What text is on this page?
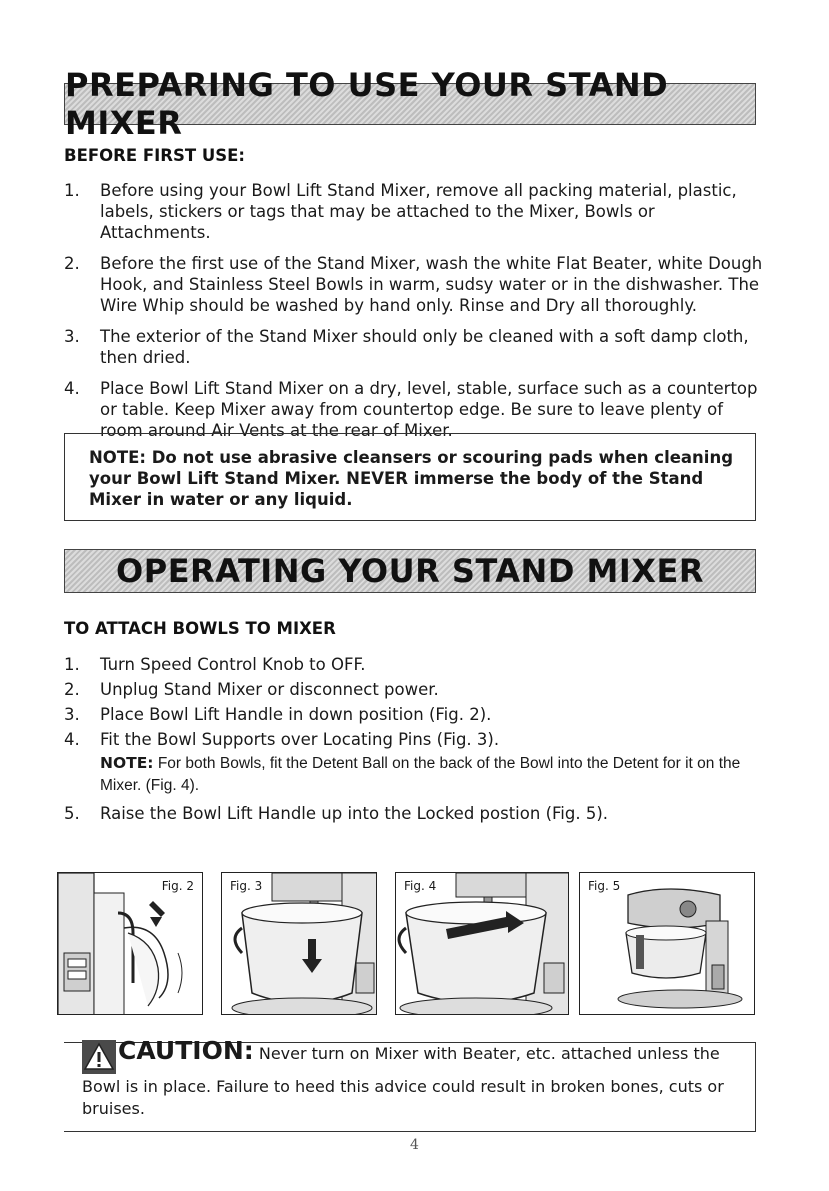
PREPARING TO USE YOUR STAND MIXER
BEFORE FIRST USE:
1.	Before using your Bowl Lift Stand Mixer, remove all packing material, plastic, labels, stickers or tags that may be attached to the Mixer, Bowls or Attachments.
2.	Before the first use of the Stand Mixer, wash the white Flat Beater, white Dough Hook, and Stainless Steel Bowls in warm, sudsy water or in the dishwasher. The Wire Whip should be washed by hand only. Rinse and Dry all thoroughly.
3.	The exterior of the Stand Mixer should only be cleaned with a soft damp cloth, then dried.
4.	Place Bowl Lift Stand Mixer on a dry, level, stable, surface such as a countertop or table. Keep Mixer away from countertop edge. Be sure to leave plenty of room around Air Vents at the rear of Mixer.
NOTE: Do not use abrasive cleansers or scouring pads when cleaning your Bowl Lift Stand Mixer. NEVER immerse the body of the Stand Mixer in water or any liquid.
OPERATING YOUR STAND MIXER
TO ATTACH BOWLS TO MIXER
1.	Turn Speed Control Knob to OFF.
2.	Unplug Stand Mixer or disconnect power.
3.	Place Bowl Lift Handle in down position (Fig. 2).
4.	Fit the Bowl Supports over Locating Pins (Fig. 3).
NOTE: For both Bowls, fit the Detent Ball on the back of the Bowl into the Detent for it on the Mixer. (Fig. 4).
5.	Raise the Bowl Lift Handle up into the Locked postion (Fig. 5).
Fig. 2	Fig. 3	Fig. 4	Fig. 5
CAUTION: Never turn on Mixer with Beater, etc. attached unless the
Bowl is in place. Failure to heed this advice could result in broken bones, cuts or bruises.
4
